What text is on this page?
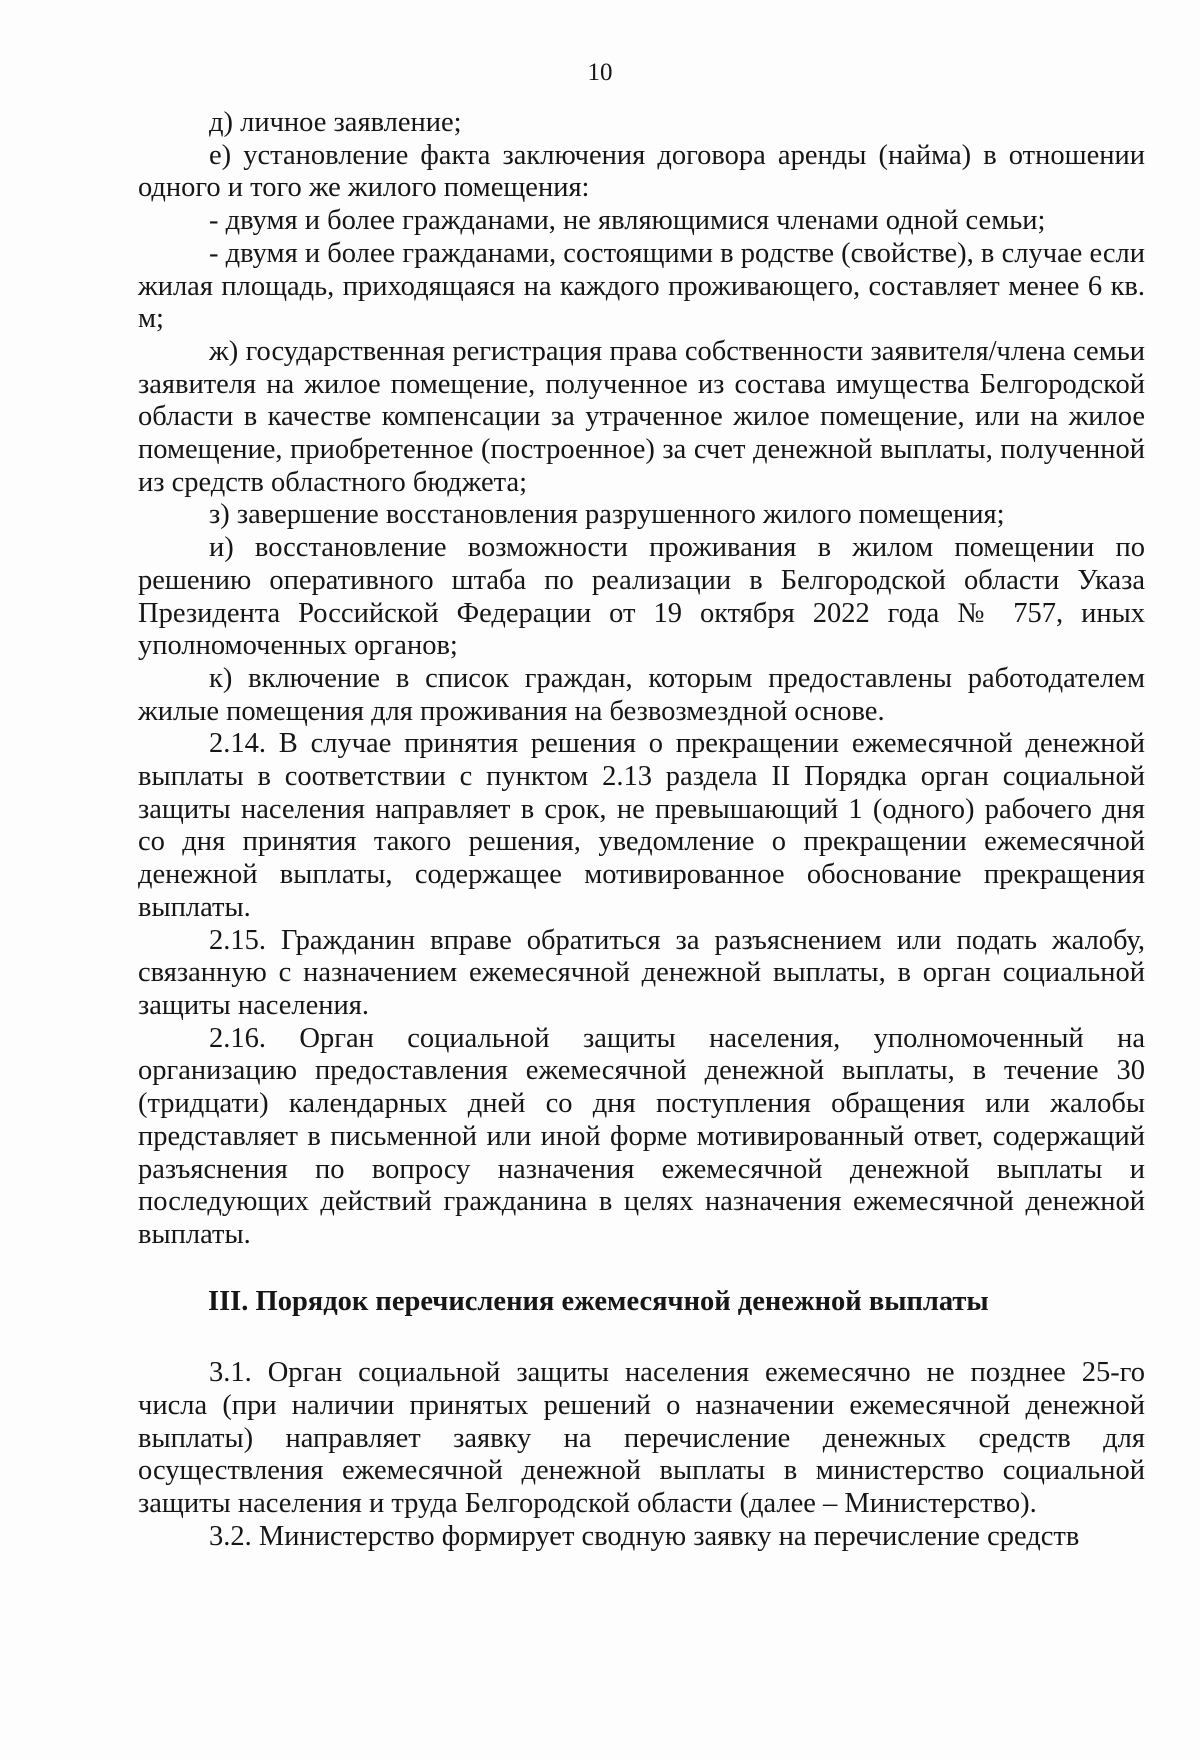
10

д) личное заявление;

е) установление факта заключения договора аренды (найма) в отношении одного и того же жилого помещения:

- двумя и более гражданами, не являющимися членами одной семьи;

- двумя и более гражданами, состоящими в родстве (свойстве), в случае если жилая площадь, приходящаяся на каждого проживающего, составляет менее 6 кв. м;

ж) государственная регистрация права собственности заявителя/члена семьи заявителя на жилое помещение, полученное из состава имущества Белгородской области в качестве компенсации за утраченное жилое помещение, или на жилое помещение, приобретенное (построенное) за счет денежной выплаты, полученной из средств областного бюджета;

з) завершение восстановления разрушенного жилого помещения;

и) восстановление возможности проживания в жилом помещении по решению оперативного штаба по реализации в Белгородской области Указа Президента Российской Федерации от 19 октября 2022 года № 757, иных уполномоченных органов;

к) включение в список граждан, которым предоставлены работодателем жилые помещения для проживания на безвозмездной основе.

2.14. В случае принятия решения о прекращении ежемесячной денежной выплаты в соответствии с пунктом 2.13 раздела II Порядка орган социальной защиты населения направляет в срок, не превышающий 1 (одного) рабочего дня со дня принятия такого решения, уведомление о прекращении ежемесячной денежной выплаты, содержащее мотивированное обоснование прекращения выплаты.

2.15. Гражданин вправе обратиться за разъяснением или подать жалобу, связанную с назначением ежемесячной денежной выплаты, в орган социальной защиты населения.

2.16. Орган социальной защиты населения, уполномоченный на организацию предоставления ежемесячной денежной выплаты, в течение 30 (тридцати) календарных дней со дня поступления обращения или жалобы представляет в письменной или иной форме мотивированный ответ, содержащий разъяснения по вопросу назначения ежемесячной денежной выплаты и последующих действий гражданина в целях назначения ежемесячной денежной выплаты.

III. Порядок перечисления ежемесячной денежной выплаты

3.1. Орган социальной защиты населения ежемесячно не позднее 25-го числа (при наличии принятых решений о назначении ежемесячной денежной выплаты) направляет заявку на перечисление денежных средств для осуществления ежемесячной денежной выплаты в министерство социальной защиты населения и труда Белгородской области (далее – Министерство).

3.2. Министерство формирует сводную заявку на перечисление средств
